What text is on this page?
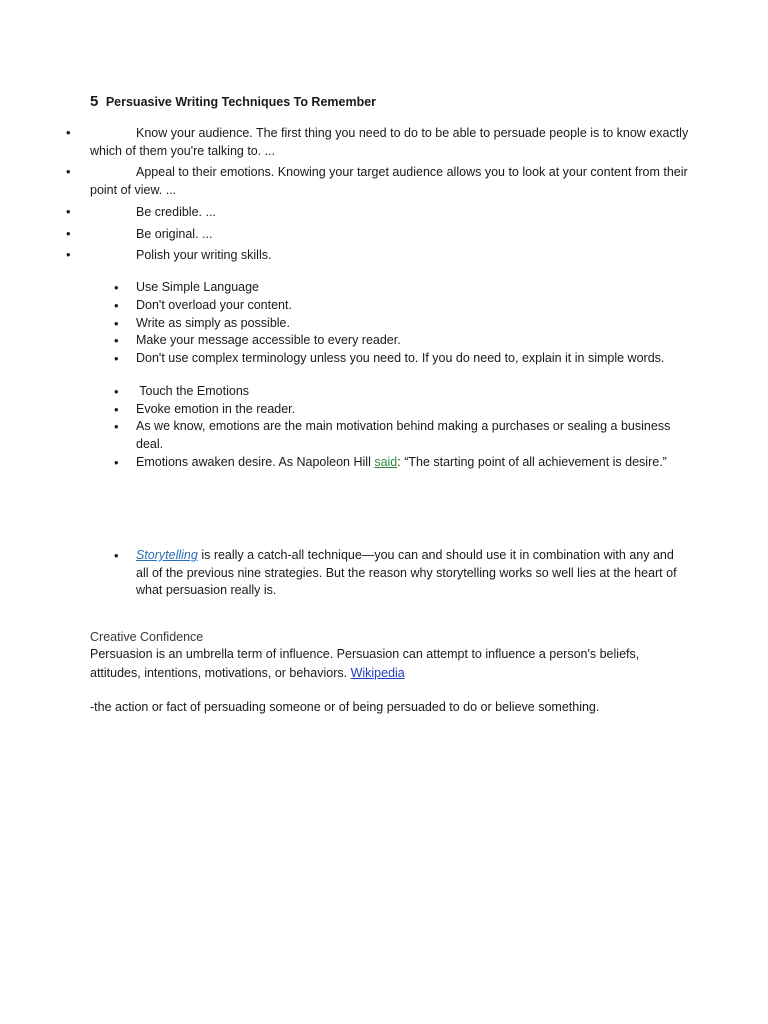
5 Persuasive Writing Techniques To Remember
•	Know your audience. The first thing you need to do to be able to persuade people is to know exactly which of them you're talking to. ...
•	Appeal to their emotions. Knowing your target audience allows you to look at your content from their point of view. ...
•	Be credible. ...
•	Be original. ...
•	Polish your writing skills.
• Use Simple Language
• Don't overload your content.
• Write as simply as possible.
• Make your message accessible to every reader.
• Don't use complex terminology unless you need to. If you do need to, explain it in simple words.
• Touch the Emotions
• Evoke emotion in the reader.
• As we know, emotions are the main motivation behind making a purchases or sealing a business deal.
• Emotions awaken desire. As Napoleon Hill said: “The starting point of all achievement is desire.”
• Storytelling is really a catch-all technique—you can and should use it in combination with any and all of the previous nine strategies. But the reason why storytelling works so well lies at the heart of what persuasion really is.
Creative Confidence
Persuasion is an umbrella term of influence. Persuasion can attempt to influence a person's beliefs, attitudes, intentions, motivations, or behaviors. Wikipedia
-the action or fact of persuading someone or of being persuaded to do or believe something.
